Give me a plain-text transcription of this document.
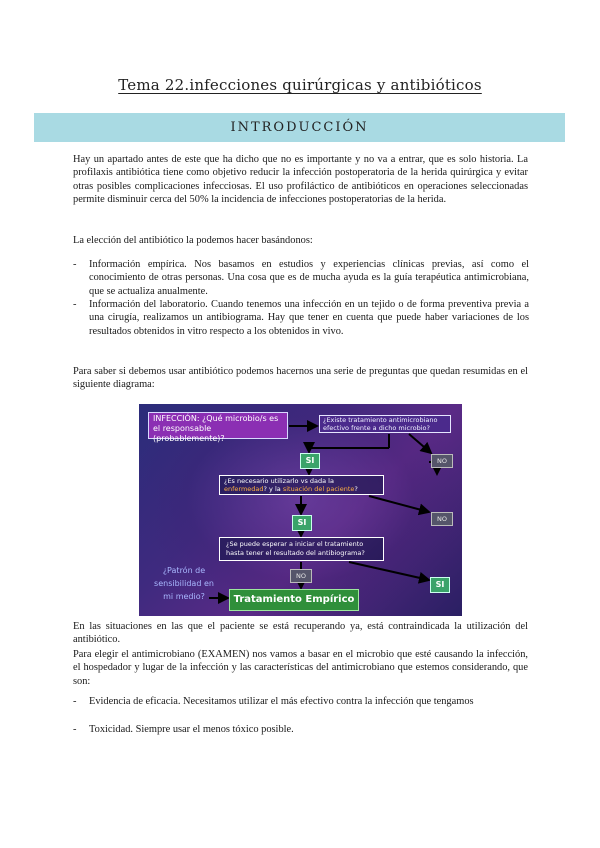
Tema 22.infecciones quirúrgicas y antibióticos
INTRODUCCIÓN

Hay un apartado antes de este que ha dicho que no es importante y no va a entrar, que es solo historia. La profilaxis antibiótica tiene como objetivo reducir la infección postoperatoria de la herida quirúrgica y evitar otras posibles complicaciones infecciosas. El uso profiláctico de antibióticos en operaciones seleccionadas permite disminuir cerca del 50% la incidencia de infecciones postoperatorias de la herida.

La elección del antibiótico la podemos hacer basándonos:

- Información empírica. Nos basamos en estudios y experiencias clínicas previas, así como el conocimiento de otras personas. Una cosa que es de mucha ayuda es la guía terapéutica antimicrobiana, que se actualiza anualmente.
- Información del laboratorio. Cuando tenemos una infección en un tejido o de forma preventiva previa a una cirugía, realizamos un antibiograma. Hay que tener en cuenta que puede haber variaciones de los resultados obtenidos in vitro respecto a los obtenidos in vivo.

Para saber si debemos usar antibiótico podemos hacernos una serie de preguntas que quedan resumidas en el siguiente diagrama:

INFECCIÓN: ¿Qué microbio/s es el responsable (probablemente)?
¿Existe tratamiento antimicrobiano efectivo frente a dicho microbio?
SI	NO
¿Es necesario utilizarlo vs dada la enfermedad? y la situación del paciente?
NO
SI
¿Se puede esperar a iniciar el tratamiento hasta tener el resultado del antibiograma?
NO
SI
¿Patrón de sensibilidad en mi medio?	Tratamiento Empírico

En las situaciones en las que el paciente se está recuperando ya, está contraindicada la utilización del antibiótico.

Para elegir el antimicrobiano (EXAMEN) nos vamos a basar en el microbio que esté causando la infección, el hospedador y lugar de la infección y las características del antimicrobiano que estemos considerando, que son:

- Evidencia de eficacia. Necesitamos utilizar el más efectivo contra la infección que tengamos
- Toxicidad. Siempre usar el menos tóxico posible.
